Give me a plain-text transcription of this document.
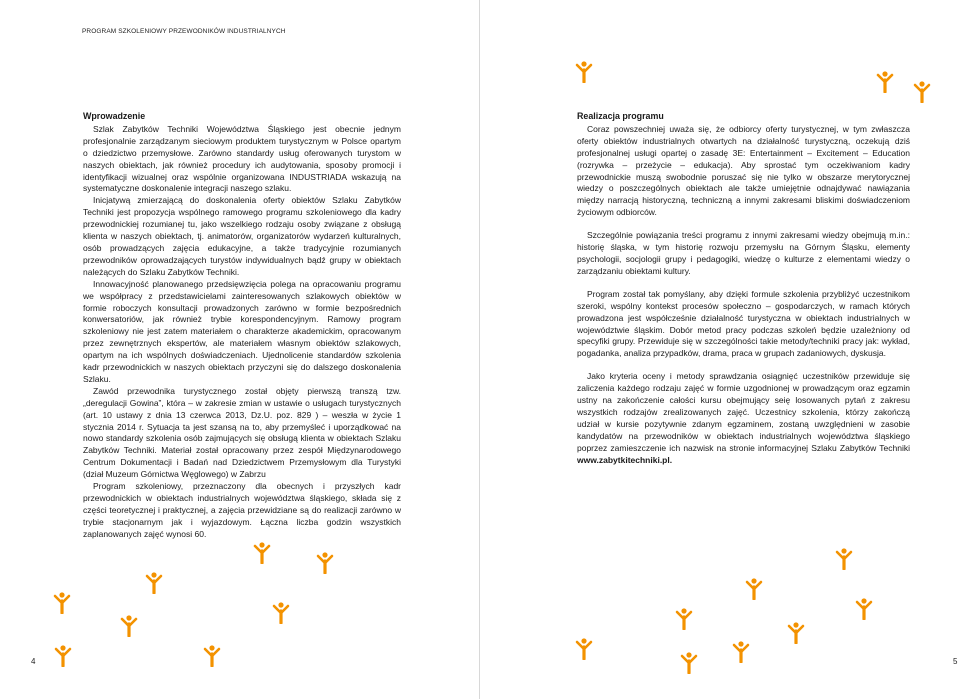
PROGRAM SZKOLENIOWY PRZEWODNIKÓW INDUSTRIALNYCH
Wprowadzenie

Szlak Zabytków Techniki Województwa Śląskiego jest obecnie jednym profesjonalnie zarządzanym sieciowym produktem turystycznym w Polsce opartym o dziedzictwo przemysłowe. Zarówno standardy usług oferowanych turystom w naszych obiektach, jak również procedury ich audytowania, sposoby promocji i identyfikacji wizualnej oraz wspólnie organizowana INDUSTRIADA wskazują na systematyczne doskonalenie integracji naszego szlaku.

Inicjatywą zmierzającą do doskonalenia oferty obiektów Szlaku Zabytków Techniki jest propozycja wspólnego ramowego programu szkoleniowego dla kadry przewodnickiej rozumianej tu, jako wszelkiego rodzaju osoby związane z obsługą klienta w naszych obiektach, tj. animatorów, organizatorów wydarzeń kulturalnych, osób prowadzących zajęcia edukacyjne, a także tradycyjnie rozumianych przewodników oprowadzających turystów indywidualnych bądź grupy w obiektach należących do Szlaku Zabytków Techniki.

Innowacyjność planowanego przedsięwzięcia polega na opracowaniu programu we współpracy z przedstawicielami zainteresowanych szlakowych obiektów w formie roboczych konsultacji prowadzonych zarówno w formie bezpośrednich konwersatoriów, jak również trybie korespondencyjnym. Ramowy program szkoleniowy nie jest zatem materiałem o charakterze akademickim, opracowanym przez zewnętrznych ekspertów, ale materiałem własnym obiektów szlakowych, opartym na ich wspólnych doświadczeniach. Ujednolicenie standardów szkolenia kadr przewodnickich w naszych obiektach przyczyni się do dalszego doskonalenia Szlaku.

Zawód przewodnika turystycznego został objęty pierwszą transzą tzw. „deregulacji Gowina”, która – w zakresie zmian w ustawie o usługach turystycznych (art. 10 ustawy z dnia 13 czerwca 2013, Dz.U. poz. 829 ) – weszła w życie 1 stycznia 2014 r. Sytuacja ta jest szansą na to, aby przemyśleć i uporządkować na nowo standardy szkolenia osób zajmujących się obsługą klienta w obiektach Szlaku Zabytków Techniki. Materiał został opracowany przez zespół Międzynarodowego Centrum Dokumentacji i Badań nad Dziedzictwem Przemysłowym dla Turystyki (dział Muzeum Górnictwa Węglowego) w Zabrzu

Program szkoleniowy, przeznaczony dla obecnych i przyszłych kadr przewodnickich w obiektach industrialnych województwa śląskiego, składa się z części teoretycznej i praktycznej, a zajęcia przewidziane są do realizacji zarówno w trybie stacjonarnym jak i wyjazdowym. Łączna liczba godzin wszystkich zaplanowanych zajęć wynosi 60.

Realizacja programu

Coraz powszechniej uważa się, że odbiorcy oferty turystycznej, w tym zwłaszcza oferty obiektów industrialnych otwartych na działalność turystyczną, oczekują dziś profesjonalnej usługi opartej o zasadę 3E: Entertainment – Excitement – Education (rozrywka – przeżycie – edukacja). Aby sprostać tym oczekiwaniom kadry przewodnickie muszą swobodnie poruszać się nie tylko w obszarze merytorycznej wiedzy o poszczególnych obiektach ale także umiejętnie odnajdywać nawiązania między narracją historyczną, techniczną a innymi zakresami bliskimi doświadczeniom życiowym odbiorców.

Szczególnie powiązania treści programu z innymi zakresami wiedzy obejmują m.in.: historię śląska, w tym historię rozwoju przemysłu na Górnym Śląsku, elementy psychologii, socjologii grupy i pedagogiki, wiedzę o kulturze z elementami wiedzy o zarządzaniu obiektami kultury.

Program został tak pomyślany, aby dzięki formule szkolenia przybliżyć uczestnikom szeroki, wspólny kontekst procesów społeczno – gospodarczych, w ramach których prowadzona jest współcześnie działalność turystyczna w obiektach industrialnych w województwie śląskim. Dobór metod pracy podczas szkoleń będzie uzależniony od specyfiki grupy. Przewiduje się w szczególności takie metody/techniki pracy jak: wykład, pogadanka, analiza przypadków, drama, praca w grupach zadaniowych, dyskusja.

Jako kryteria oceny i metody sprawdzania osiągnięć uczestników przewiduje się zaliczenia każdego rodzaju zajęć w formie uzgodnionej w prowadzącym oraz egzamin ustny na zakończenie całości kursu obejmujący seię losowanych pytań z zakresu wszystkich rodzajów zrealizowanych zajęć. Uczestnicy szkolenia, którzy zakończą udział w kursie pozytywnie zdanym egzaminem, zostaną uwzględnieni w zasobie kandydatów na przewodników w obiektach industrialnych województwa śląskiego poprzez zamieszczenie ich nazwisk na stronie informacyjnej Szlaku Zabytków Techniki www.zabytkitechniki.pl.

4	5
